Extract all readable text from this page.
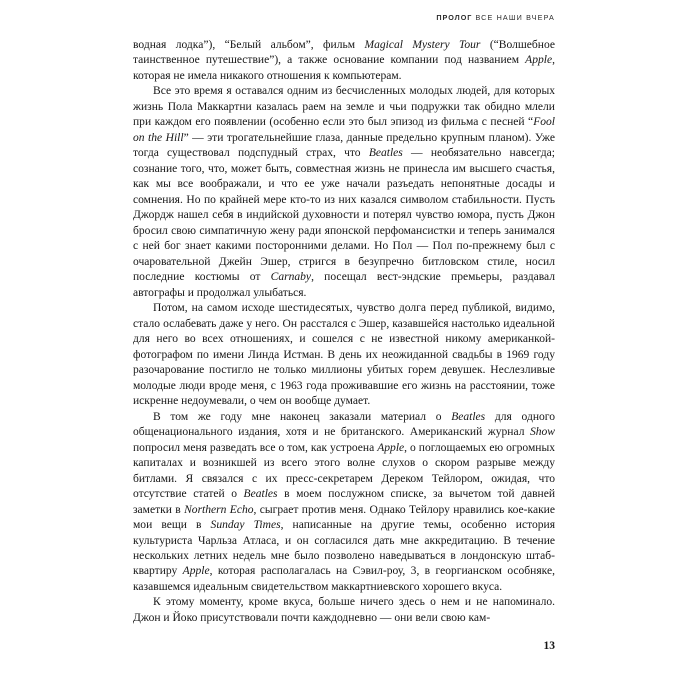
ПРОЛОГ ВСЕ НАШИ ВЧЕРА

водная лодка”), “Белый альбом”, фильм Magical Mystery Tour (“Волшебное таинственное путешествие”), а также основание компании под названием Apple, которая не имела никакого отношения к компьютерам.

Все это время я оставался одним из бесчисленных молодых людей, для которых жизнь Пола Маккартни казалась раем на земле и чьи подружки так обидно млели при каждом его появлении (особенно если это был эпизод из фильма с песней “Fool on the Hill” — эти трогательнейшие глаза, данные предельно крупным планом). Уже тогда существовал подспудный страх, что Beatles — необязательно навсегда; сознание того, что, может быть, совместная жизнь не принесла им высшего счастья, как мы все воображали, и что ее уже начали разъедать непонятные досады и сомнения. Но по крайней мере кто-то из них казался символом стабильности. Пусть Джордж нашел себя в индийской духовности и потерял чувство юмора, пусть Джон бросил свою симпатичную жену ради японской перфомансистки и теперь занимался с ней бог знает какими посторонними делами. Но Пол — Пол по-прежнему был с очаровательной Джейн Эшер, стригся в безупречно битловском стиле, носил последние костюмы от Carnaby, посещал вест-эндские премьеры, раздавал автографы и продолжал улыбаться.

Потом, на самом исходе шестидесятых, чувство долга перед публикой, видимо, стало ослабевать даже у него. Он расстался с Эшер, казавшейся настолько идеальной для него во всех отношениях, и сошелся с не известной никому американкой-фотографом по имени Линда Истман. В день их неожиданной свадьбы в 1969 году разочарование постигло не только миллионы убитых горем девушек. Неслезливые молодые люди вроде меня, с 1963 года проживавшие его жизнь на расстоянии, тоже искренне недоумевали, о чем он вообще думает.

В том же году мне наконец заказали материал о Beatles для одного общенационального издания, хотя и не британского. Американский журнал Show попросил меня разведать все о том, как устроена Apple, о поглощаемых ею огромных капиталах и возникшей из всего этого волне слухов о скором разрыве между битлами. Я связался с их пресс-секретарем Дереком Тейлором, ожидая, что отсутствие статей о Beatles в моем послужном списке, за вычетом той давней заметки в Northern Echo, сыграет против меня. Однако Тейлору нравились кое-какие мои вещи в Sunday Times, написанные на другие темы, особенно история культуриста Чарльза Атласа, и он согласился дать мне аккредитацию. В течение нескольких летних недель мне было позволено наведываться в лондонскую штаб-квартиру Apple, которая располагалась на Сэвил-роу, 3, в георгианском особняке, казавшемся идеальным свидетельством маккартниевского хорошего вкуса.

К этому моменту, кроме вкуса, больше ничего здесь о нем и не напоминало. Джон и Йоко присутствовали почти каждодневно — они вели свою кам-

13
